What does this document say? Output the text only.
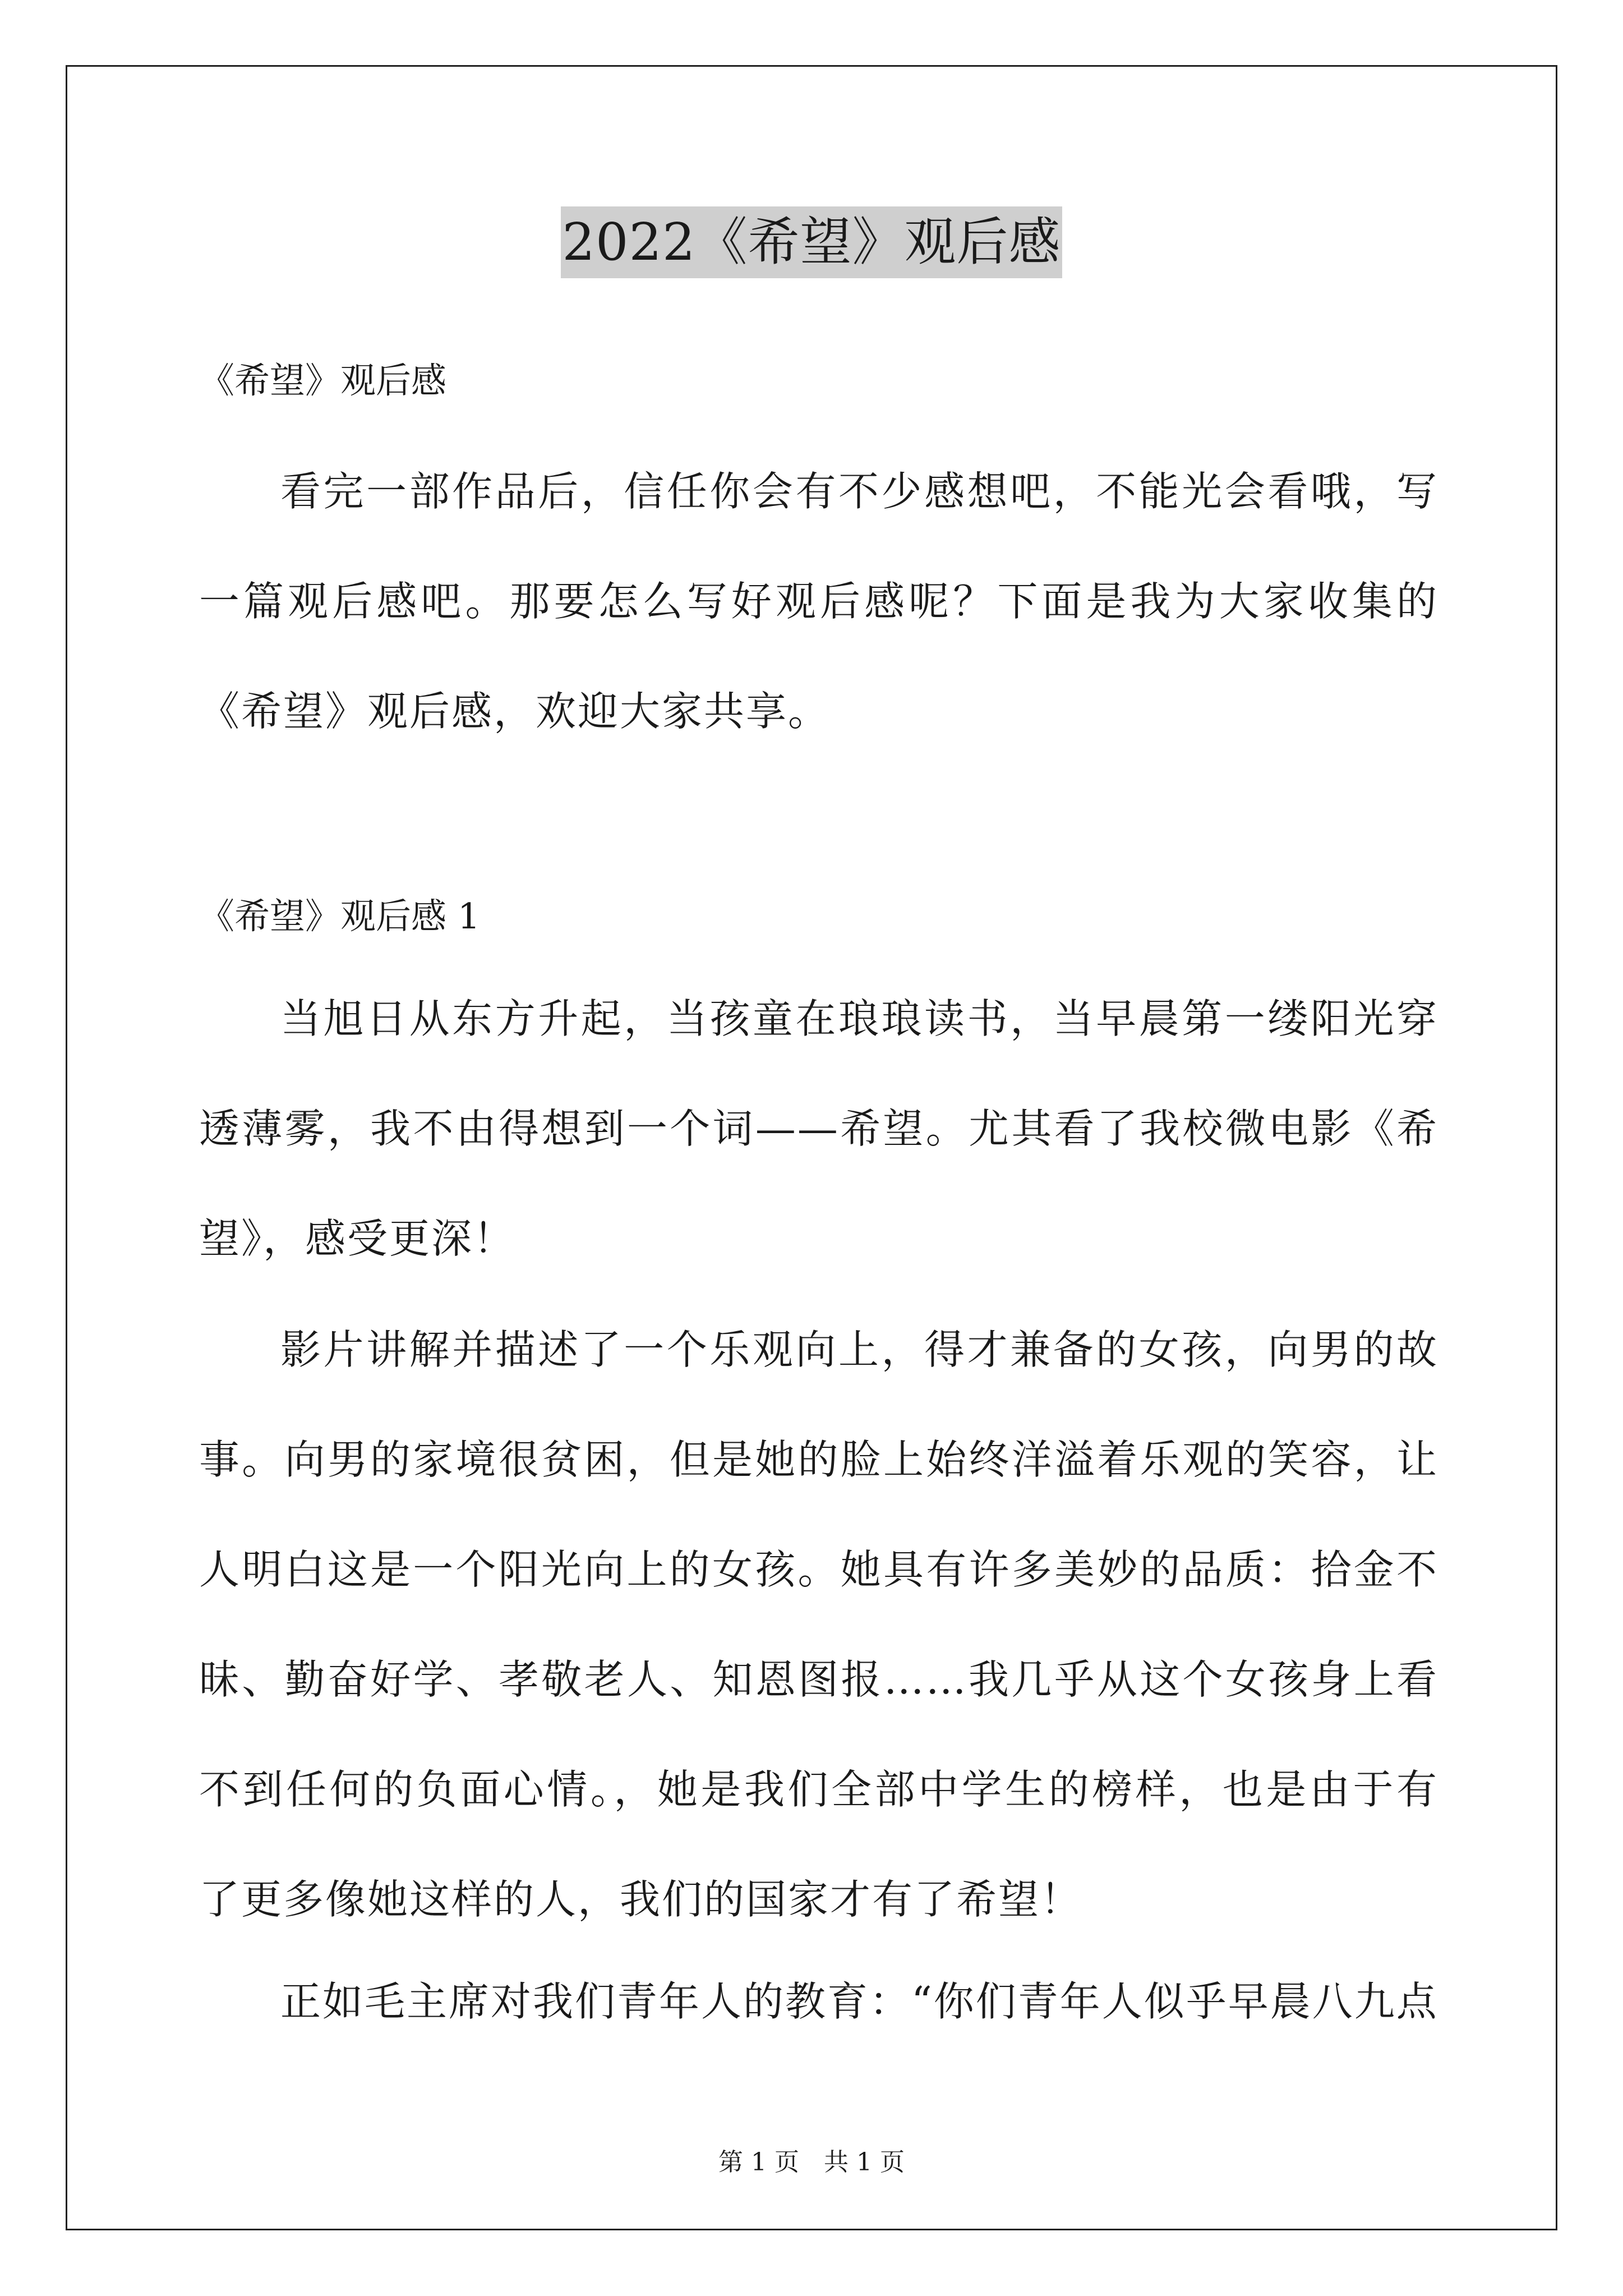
2022《希望》观后感
《希望》观后感
看完一部作品后，信任你会有不少感想吧，不能光会看哦，写一篇观后感吧。那要怎么写好观后感呢？下面是我为大家收集的《希望》观后感，欢迎大家共享。
《希望》观后感 1
当旭日从东方升起，当孩童在琅琅读书，当早晨第一缕阳光穿透薄雾，我不由得想到一个词——希望。尤其看了我校微电影《希望》，感受更深！
影片讲解并描述了一个乐观向上，得才兼备的女孩，向男的故事。向男的家境很贫困，但是她的脸上始终洋溢着乐观的笑容，让人明白这是一个阳光向上的女孩。她具有许多美妙的品质：拾金不昧、勤奋好学、孝敬老人、知恩图报……我几乎从这个女孩身上看不到任何的负面心情。，她是我们全部中学生的榜样，也是由于有了更多像她这样的人，我们的国家才有了希望！
正如毛主席对我们青年人的教育：“你们青年人似乎早晨八九点
第 1 页 共 1 页
